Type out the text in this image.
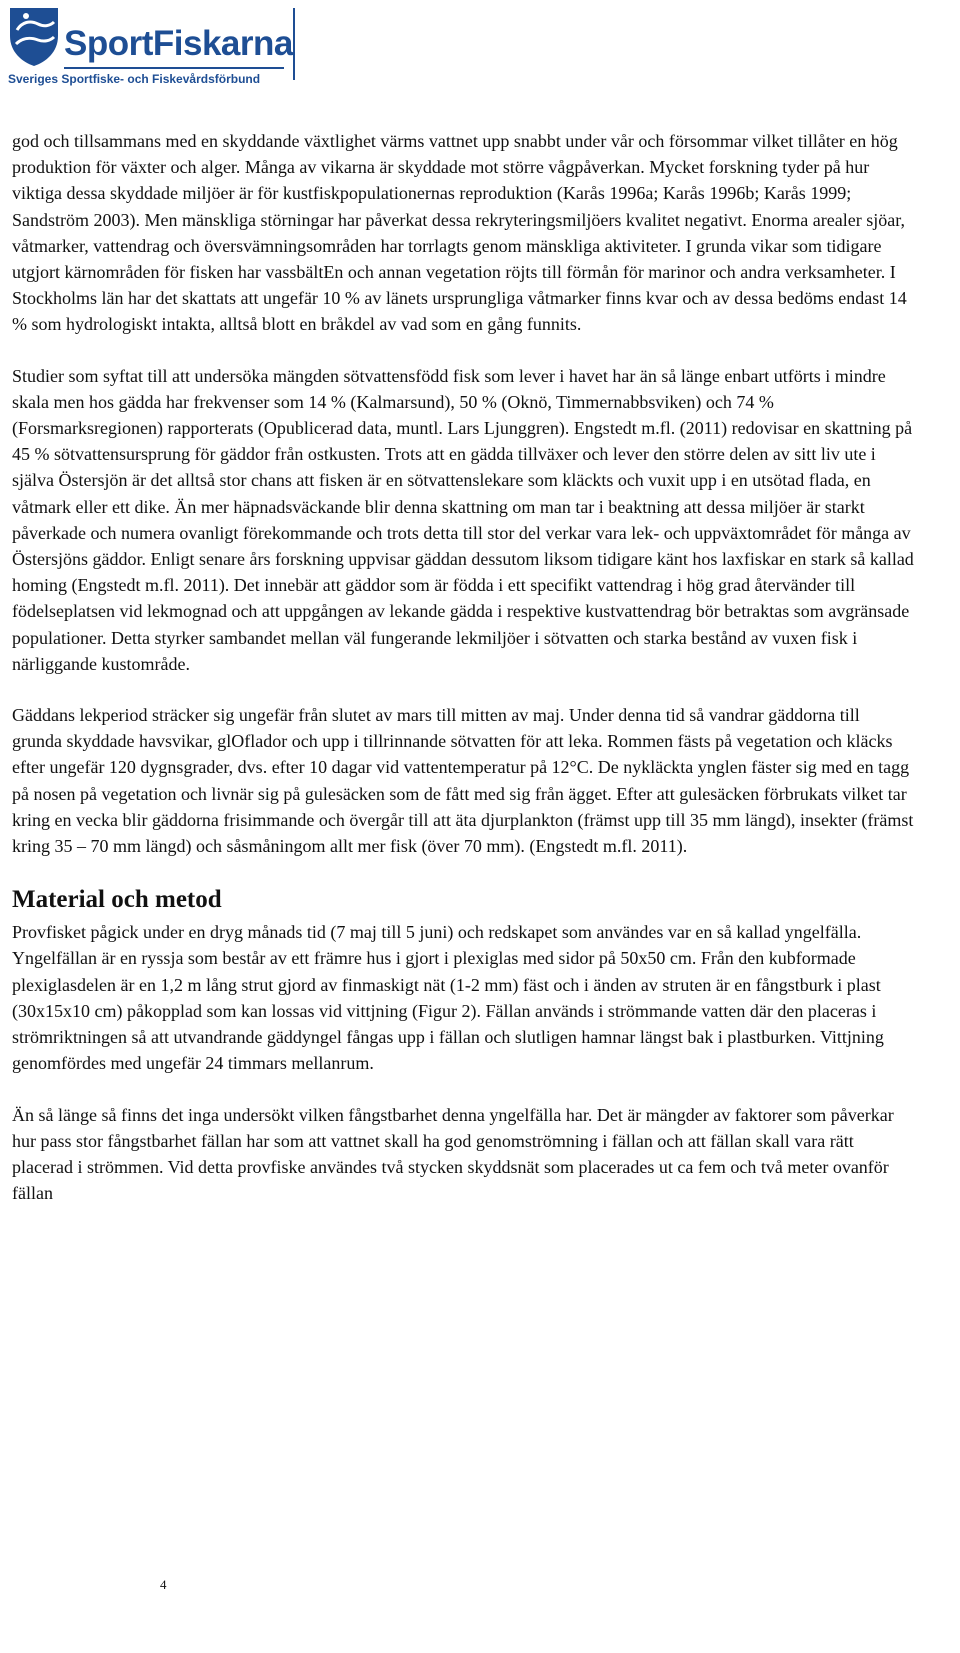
SportFiskarna
Sveriges Sportfiske- och Fiskevårdsförbund

god och tillsammans med en skyddande växtlighet värms vattnet upp snabbt under vår och försommar vilket tillåter en hög produktion för växter och alger. Många av vikarna är skyddade mot större vågpåverkan. Mycket forskning tyder på hur viktiga dessa skyddade miljöer är för kustfiskpopulationernas reproduktion (Karås 1996a; Karås 1996b; Karås 1999; Sandström 2003). Men mänskliga störningar har påverkat dessa rekryteringsmiljöers kvalitet negativt. Enorma arealer sjöar, våtmarker, vattendrag och översvämningsområden har torrlagts genom mänskliga aktiviteter. I grunda vikar som tidigare utgjort kärnområden för fisken har vassbältEn och annan vegetation röjts till förmån för marinor och andra verksamheter. I Stockholms län har det skattats att ungefär 10 % av länets ursprungliga våtmarker finns kvar och av dessa bedöms endast 14 % som hydrologiskt intakta, alltså blott en bråkdel av vad som en gång funnits.

Studier som syftat till att undersöka mängden sötvattensfödd fisk som lever i havet har än så länge enbart utförts i mindre skala men hos gädda har frekvenser som 14 % (Kalmarsund), 50 % (Oknö, Timmernabbsviken) och 74 % (Forsmarksregionen) rapporterats (Opublicerad data, muntl. Lars Ljunggren). Engstedt m.fl. (2011) redovisar en skattning på 45 % sötvattensursprung för gäddor från ostkusten. Trots att en gädda tillväxer och lever den större delen av sitt liv ute i själva Östersjön är det alltså stor chans att fisken är en sötvattenslekare som kläckts och vuxit upp i en utsötad flada, en våtmark eller ett dike. Än mer häpnadsväckande blir denna skattning om man tar i beaktning att dessa miljöer är starkt påverkade och numera ovanligt förekommande och trots detta till stor del verkar vara lek- och uppväxtområdet för många av Östersjöns gäddor. Enligt senare års forskning uppvisar gäddan dessutom liksom tidigare känt hos laxfiskar en stark så kallad homing (Engstedt m.fl. 2011). Det innebär att gäddor som är födda i ett specifikt vattendrag i hög grad återvänder till födelseplatsen vid lekmognad och att uppgången av lekande gädda i respektive kustvattendrag bör betraktas som avgränsade populationer. Detta styrker sambandet mellan väl fungerande lekmiljöer i sötvatten och starka bestånd av vuxen fisk i närliggande kustområde.

Gäddans lekperiod sträcker sig ungefär från slutet av mars till mitten av maj. Under denna tid så vandrar gäddorna till grunda skyddade havsvikar, glOflador och upp i tillrinnande sötvatten för att leka. Rommen fästs på vegetation och kläcks efter ungefär 120 dygnsgrader, dvs. efter 10 dagar vid vattentemperatur på 12°C. De nykläckta ynglen fäster sig med en tagg på nosen på vegetation och livnär sig på gulesäcken som de fått med sig från ägget. Efter att gulesäcken förbrukats vilket tar kring en vecka blir gäddorna frisimmande och övergår till att äta djurplankton (främst upp till 35 mm längd), insekter (främst kring 35 – 70 mm längd) och såsmåningom allt mer fisk (över 70 mm). (Engstedt m.fl. 2011).

Material och metod

Provfisket pågick under en dryg månads tid (7 maj till 5 juni) och redskapet som användes var en så kallad yngelfälla. Yngelfällan är en ryssja som består av ett främre hus i gjort i plexiglas med sidor på 50x50 cm. Från den kubformade plexiglasdelen är en 1,2 m lång strut gjord av finmaskigt nät (1-2 mm) fäst och i änden av struten är en fångstburk i plast (30x15x10 cm) påkopplad som kan lossas vid vittjning (Figur 2). Fällan används i strömmande vatten där den placeras i strömriktningen så att utvandrande gäddyngel fångas upp i fällan och slutligen hamnar längst bak i plastburken. Vittjning genomfördes med ungefär 24 timmars mellanrum.

Än så länge så finns det inga undersökt vilken fångstbarhet denna yngelfälla har. Det är mängder av faktorer som påverkar hur pass stor fångstbarhet fällan har som att vattnet skall ha god genomströmning i fällan och att fällan skall vara rätt placerad i strömmen. Vid detta provfiske användes två stycken skyddsnät som placerades ut ca fem och två meter ovanför fällan

4
